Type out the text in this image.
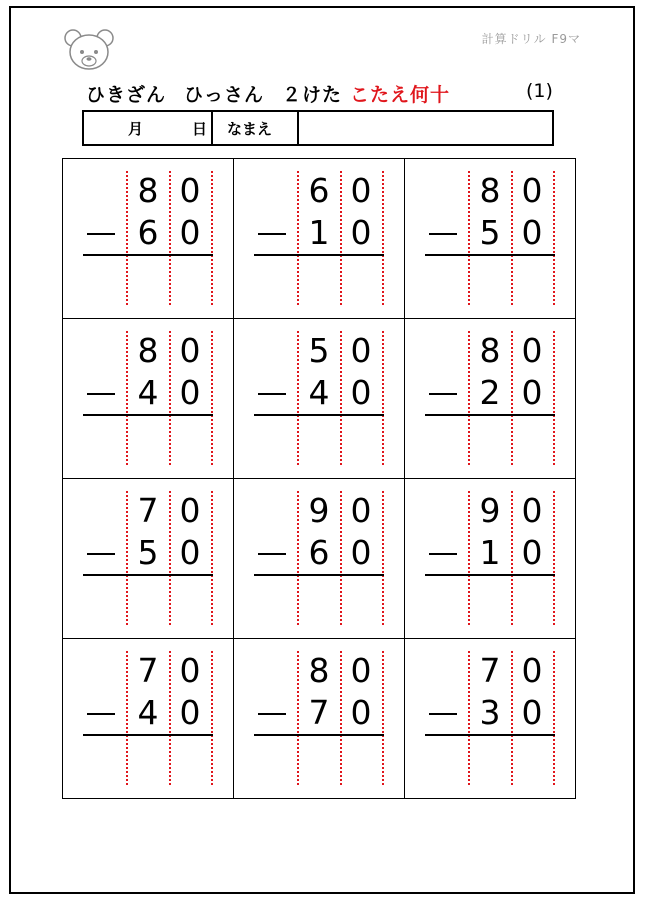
計算ドリル F9マ
ひきざん ひっさん ２けた こたえ何十	(1)
月	日 なまえ
8 0
6 0
6 0
1 0
8 0
5 0
8 0
4 0
5 0
4 0
8 0
2 0
7 0
5 0
9 0
6 0
9 0
1 0
7 0
4 0
8 0
7 0
7 0
3 0
